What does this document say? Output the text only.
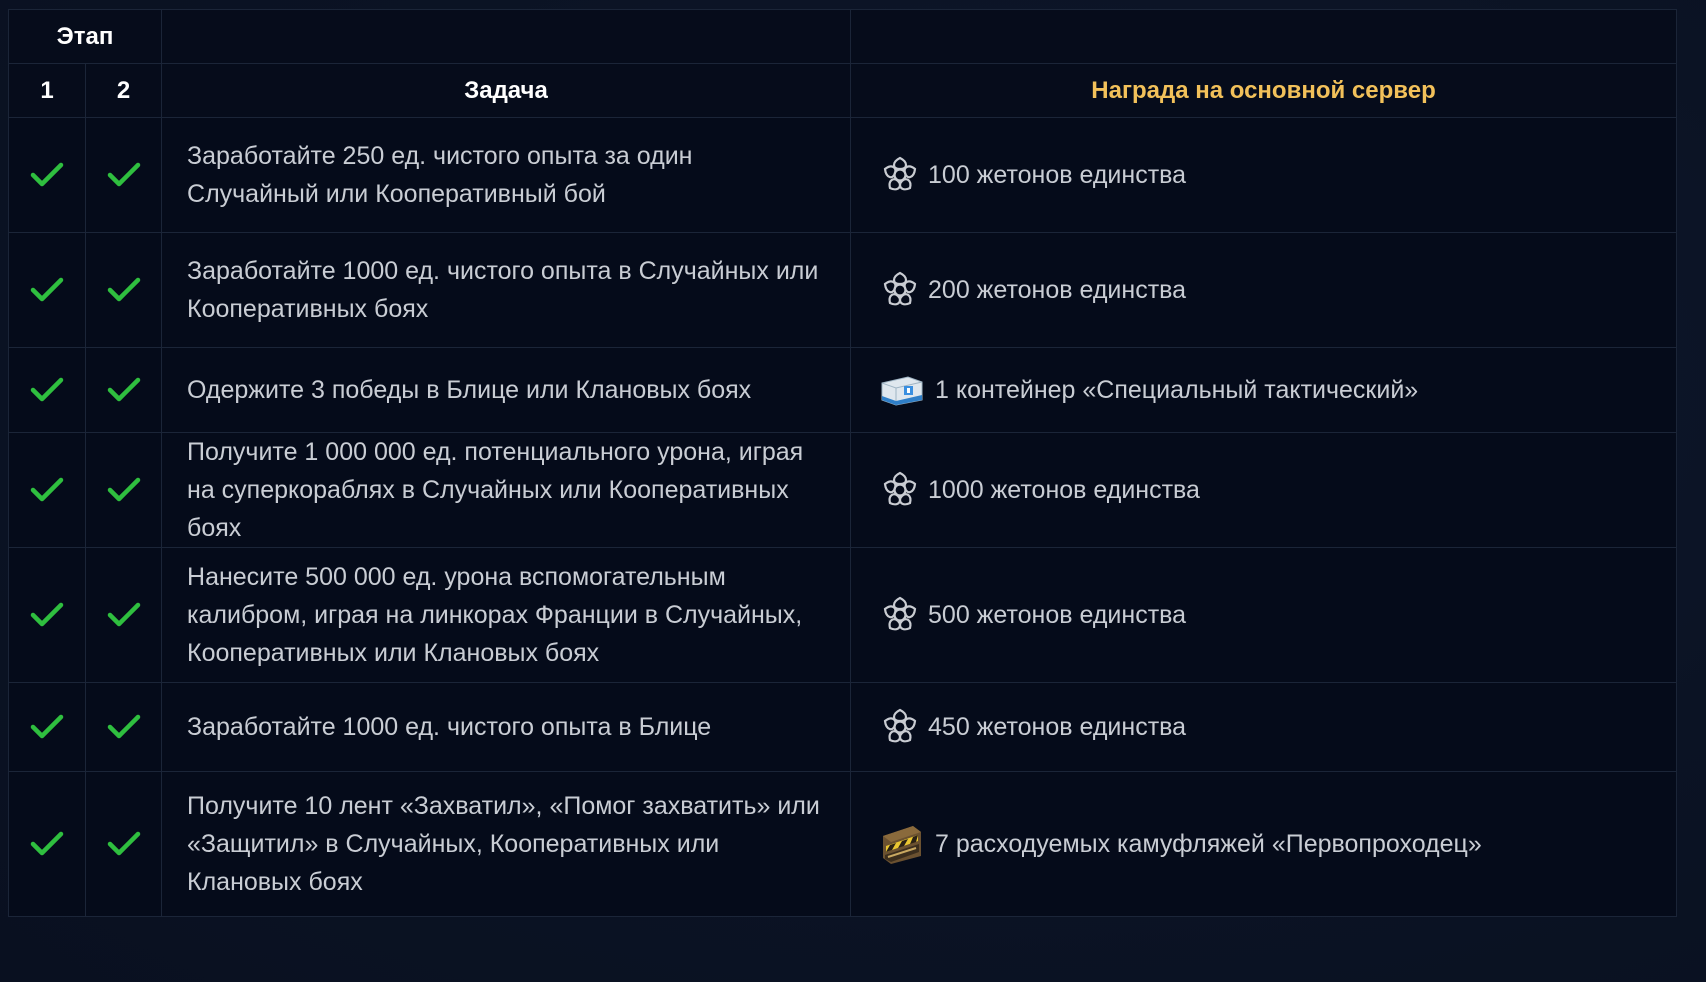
Этап			
1	2	Задача	Награда на основной сервер

	Заработайте 250 ед. чистого опыта за один Случайный или Кооперативный бой	100 жетонов единства

	Заработайте 1000 ед. чистого опыта в Случайных или Кооперативных боях	200 жетонов единства

	Одержите 3 победы в Блице или Клановых боях	1 контейнер «Специальный тактический»

	Получите 1 000 000 ед. потенциального урона, играя на суперкораблях в Случайных или Кооперативных боях	1000 жетонов единства

	Нанесите 500 000 ед. урона вспомогательным калибром, играя на линкорах Франции в Случайных, Кооперативных или Клановых боях	500 жетонов единства

	Заработайте 1000 ед. чистого опыта в Блице	450 жетонов единства

	Получите 10 лент «Захватил», «Помог захватить» или «Защитил» в Случайных, Кооперативных или Клановых боях	7 расходуемых камуфляжей «Первопроходец»
